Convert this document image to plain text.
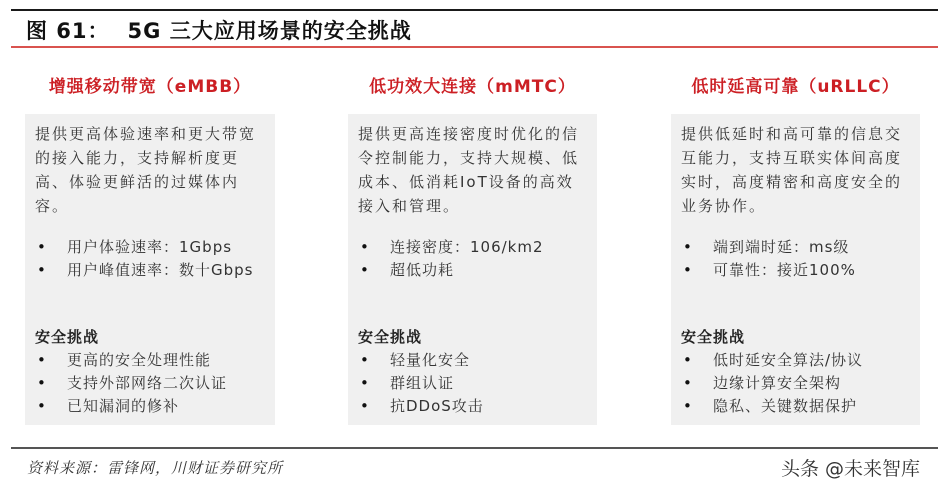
图 61： 5G 三大应用场景的安全挑战
增强移动带宽（eMBB）
提供更高体验速率和更大带宽的接入能力，支持解析度更高、体验更鲜活的过媒体内容。
• 用户体验速率：1Gbps
• 用户峰值速率：数十Gbps
安全挑战
• 更高的安全处理性能
• 支持外部网络二次认证
• 已知漏洞的修补
低功效大连接（mMTC）
提供更高连接密度时优化的信令控制能力，支持大规模、低成本、低消耗IoT设备的高效接入和管理。
• 连接密度：106/km2
• 超低功耗
安全挑战
• 轻量化安全
• 群组认证
• 抗DDoS攻击
低时延高可靠（uRLLC）
提供低延时和高可靠的信息交互能力，支持互联实体间高度实时，高度精密和高度安全的业务协作。
• 端到端时延：ms级
• 可靠性：接近100%
安全挑战
• 低时延安全算法/协议
• 边缘计算安全架构
• 隐私、关键数据保护
资料来源：雷锋网，川财证券研究所	头条 @未来智库
